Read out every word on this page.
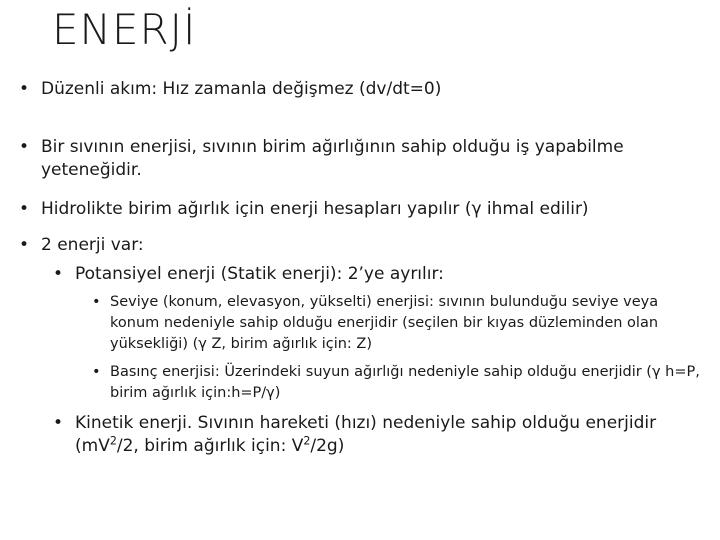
ENERJİ
• Düzenli akım: Hız zamanla değişmez (dv/dt=0)
• Bir sıvının enerjisi, sıvının birim ağırlığının sahip olduğu iş yapabilme yeteneğidir.
• Hidrolikte birim ağırlık için enerji hesapları yapılır (γ ihmal edilir)
• 2 enerji var:
• Potansiyel enerji (Statik enerji): 2’ye ayrılır:
• Seviye (konum, elevasyon, yükselti) enerjisi: sıvının bulunduğu seviye veya konum nedeniyle sahip olduğu enerjidir (seçilen bir kıyas düzleminden olan yüksekliği) (γ Z, birim ağırlık için: Z)
• Basınç enerjisi: Üzerindeki suyun ağırlığı nedeniyle sahip olduğu enerjidir (γ h=P, birim ağırlık için:h=P/γ)
• Kinetik enerji. Sıvının hareketi (hızı) nedeniyle sahip olduğu enerjidir ($mV^2/2$, birim ağırlık için: $V^2/2g$)
